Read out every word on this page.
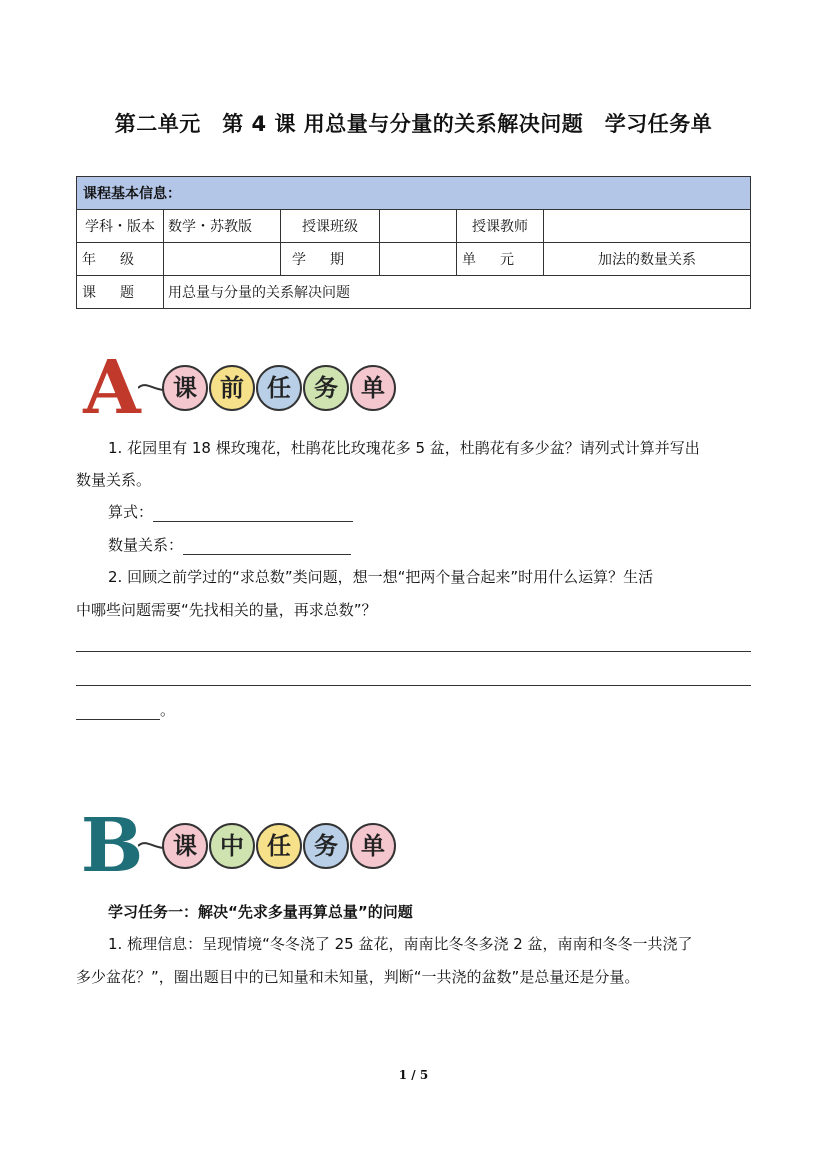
第二单元　第 4 课 用总量与分量的关系解决问题　学习任务单
课程基本信息：					
学科・版本	数学・苏教版	授课班级		授课教师	
年级		学期		单元	加法的数量关系
课题	用总量与分量的关系解决问题				
A	课 前 任 务 单
1. 花园里有 18 棵玫瑰花，杜鹃花比玫瑰花多 5 盆，杜鹃花有多少盆？请列式计算并写出
数量关系。
算式：
数量关系：
2. 回顾之前学过的“求总数”类问题，想一想“把两个量合起来”时用什么运算？生活
中哪些问题需要“先找相关的量，再求总数”？
。
B	课 中 任 务 单
学习任务一：解决“先求多量再算总量”的问题
1. 梳理信息：呈现情境“冬冬浇了 25 盆花，南南比冬冬多浇 2 盆，南南和冬冬一共浇了
多少盆花？”，圈出题目中的已知量和未知量，判断“一共浇的盆数”是总量还是分量。
1 / 5
